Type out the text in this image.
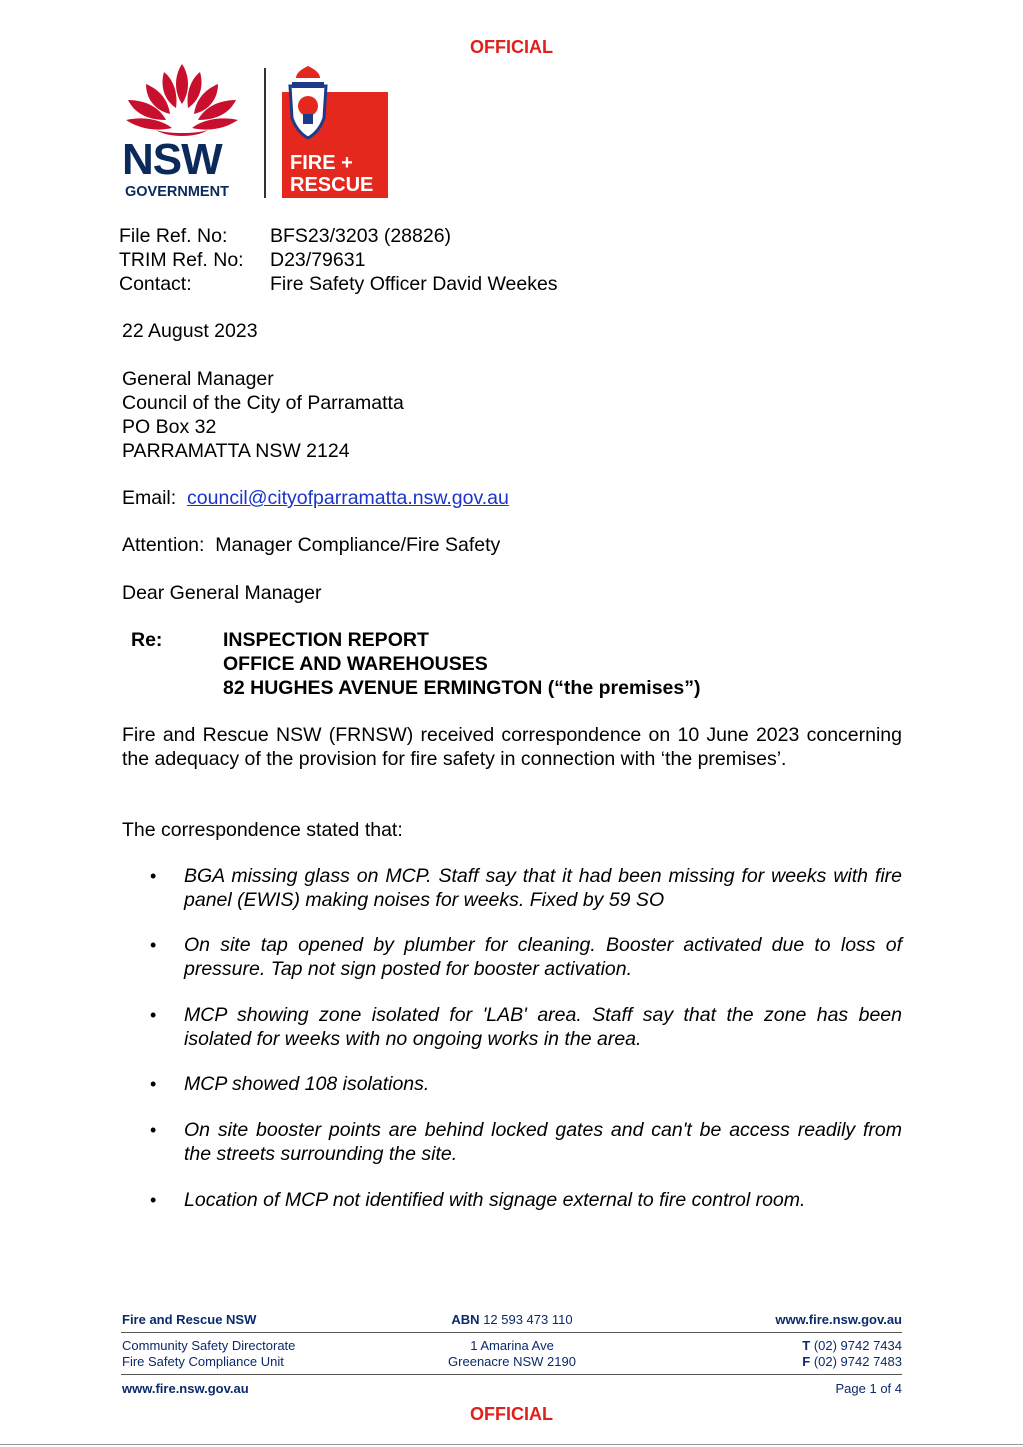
OFFICIAL
NSW
GOVERNMENT
FIRE +
RESCUE
File Ref. No: BFS23/3203 (28826)
TRIM Ref. No: D23/79631
Contact:	Fire Safety Officer David Weekes
22 August 2023
General Manager
Council of the City of Parramatta
PO Box 32
PARRAMATTA NSW 2124
Email: council@cityofparramatta.nsw.gov.au
Attention:  Manager Compliance/Fire Safety
Dear General Manager
Re:	INSPECTION REPORT
OFFICE AND WAREHOUSES
82 HUGHES AVENUE ERMINGTON (“the premises”)
Fire and Rescue NSW (FRNSW) received correspondence on 10 June 2023 concerning the adequacy of the provision for fire safety in connection with ‘the premises’.
The correspondence stated that:
• BGA missing glass on MCP. Staff say that it had been missing for weeks with fire panel (EWIS) making noises for weeks. Fixed by 59 SO
• On site tap opened by plumber for cleaning. Booster activated due to loss of pressure. Tap not sign posted for booster activation.
• MCP showing zone isolated for 'LAB' area. Staff say that the zone has been isolated for weeks with no ongoing works in the area.
• MCP showed 108 isolations.
• On site booster points are behind locked gates and can't be access readily from the streets surrounding the site.
• Location of MCP not identified with signage external to fire control room.
Fire and Rescue NSW	ABN 12 593 473 110	www.fire.nsw.gov.au
Community Safety Directorate
Fire Safety Compliance Unit
1 Amarina Ave
Greenacre NSW 2190
T (02) 9742 7434
F (02) 9742 7483
www.fire.nsw.gov.au	Page 1 of 4
OFFICIAL
